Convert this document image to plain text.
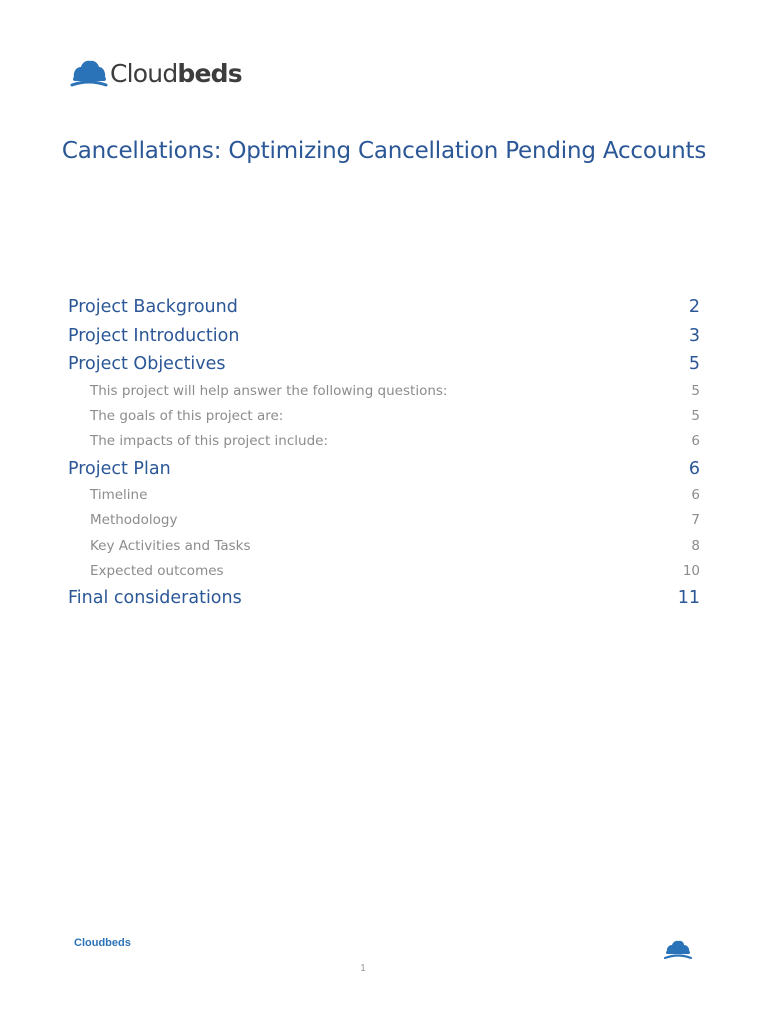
Cloudbeds
Cancellations: Optimizing Cancellation Pending Accounts
Project Background	2
Project Introduction	3
Project Objectives	5
This project will help answer the following questions:	5
The goals of this project are:	5
The impacts of this project include:	6
Project Plan	6
Timeline	6
Methodology	7
Key Activities and Tasks	8
Expected outcomes	10
Final considerations	11
Cloudbeds
1
